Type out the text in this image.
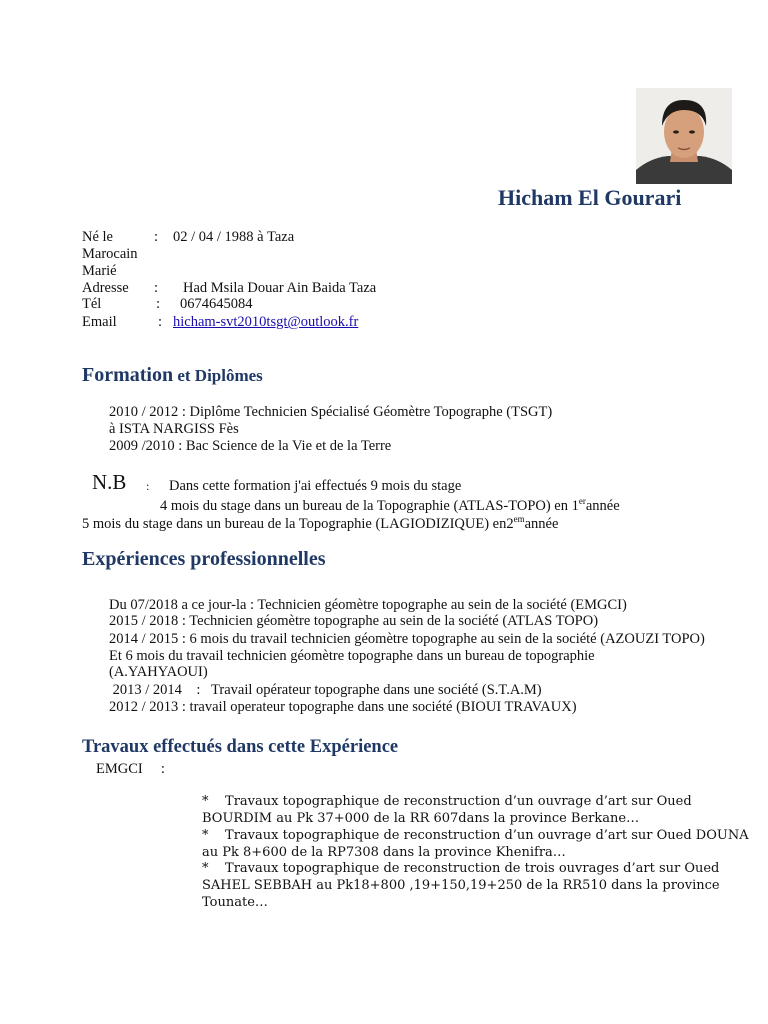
Hicham El Gourari
Né le	: 02 / 04 / 1988 à Taza
Marocain
Marié
Adresse : Had Msila Douar Ain Baida Taza
Tél	: 0674645084
Email	: hicham-svt2010tsgt@outlook.fr
Formation et Diplômes
2010 / 2012 : Diplôme Technicien Spécialisé Géomètre Topographe (TSGT)
à ISTA NARGISS Fès
2009 /2010 : Bac Science de la Vie et de la Terre
N.B : Dans cette formation j'ai effectués 9 mois du stage
4 mois du stage dans un bureau de la Topographie (ATLAS-TOPO) en 1erannée
5 mois du stage dans un bureau de la Topographie (LAGIODIZIQUE) $en2^{em}année$
Expériences professionnelles
Du 07/2018 a ce jour-la : Technicien géomètre topographe au sein de la société (EMGCI)
2015 / 2018 : Technicien géomètre topographe au sein de la société (ATLAS TOPO)
2014 / 2015 : 6 mois du travail technicien géomètre topographe au sein de la société (AZOUZI TOPO)
Et 6 mois du travail technicien géomètre topographe dans un bureau de topographie
(A.YAHYAOUI)
2013 / 2014    :   Travail opérateur topographe dans une société (S.T.A.M)
2012 / 2013 : travail operateur topographe dans une société (BIOUI TRAVAUX)
Travaux effectués dans cette Expérience
EMGCI     :
*    Travaux topographique de reconstruction d’un ouvrage d’art sur Oued
BOURDIM au Pk 37+000 de la RR 607dans la province Berkane…
*    Travaux topographique de reconstruction d’un ouvrage d’art sur Oued DOUNA
au Pk 8+600 de la RP7308 dans la province Khenifra…
*    Travaux topographique de reconstruction de trois ouvrages d’art sur Oued
SAHEL SEBBAH au Pk18+800 ,19+150,19+250 de la RR510 dans la province
Tounate…
